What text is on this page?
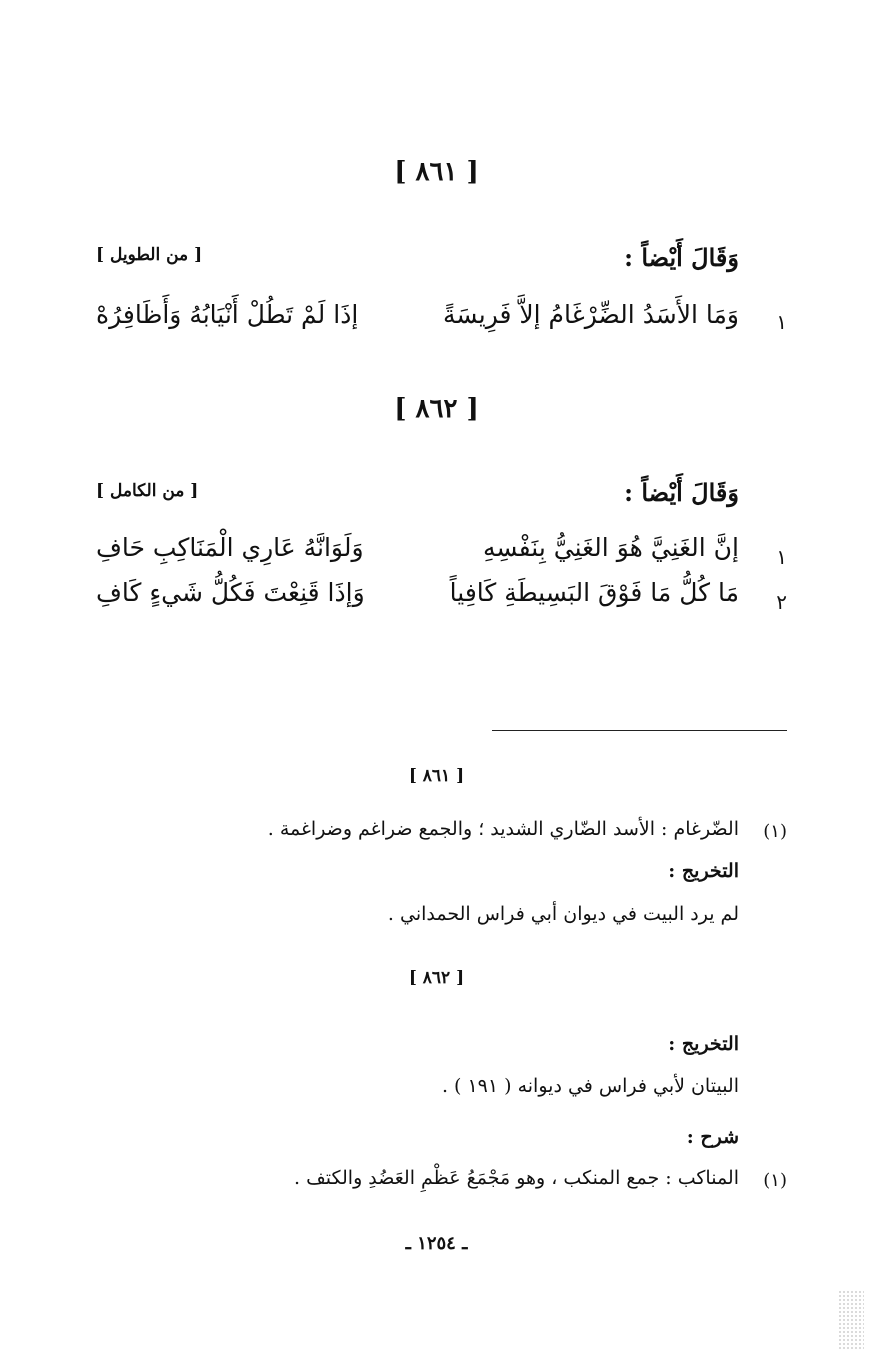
[ ٨٦١ ]
وَقَالَ أَيْضاً :
[ من الطويل ]
١
وَمَا الأَسَدُ الضِّرْغَامُ إلاَّ فَرِيسَةً
إذَا لَمْ تَطُلْ أَنْيَابُهُ وَأَظَافِرُهْ
[ ٨٦٢ ]
وَقَالَ أَيْضاً :
[ من الكامل ]
١
إنَّ الغَنِيَّ هُوَ الغَنِيُّ بِنَفْسِهِ
وَلَوَانَّهُ عَارِي الْمَنَاكِبِ حَافِ
٢
مَا كُلُّ مَا فَوْقَ البَسِيطَةِ كَافِياً
وَإذَا قَنِعْتَ فَكُلُّ شَيءٍ كَافِ
[ ٨٦١ ]
(١)
الضّرغام : الأسد الضّاري الشديد ؛ والجمع ضراغم وضراغمة .
التخريج :
لم يرد البيت في ديوان أبي فراس الحمداني .
[ ٨٦٢ ]
التخريج :
البيتان لأبي فراس في ديوانه ( ١٩١ ) .
شرح :
(١)
المناكب : جمع المنكب ، وهو مَجْمَعُ عَظْمِ العَضُدِ والكتف .
ـ ١٢٥٤ ـ
